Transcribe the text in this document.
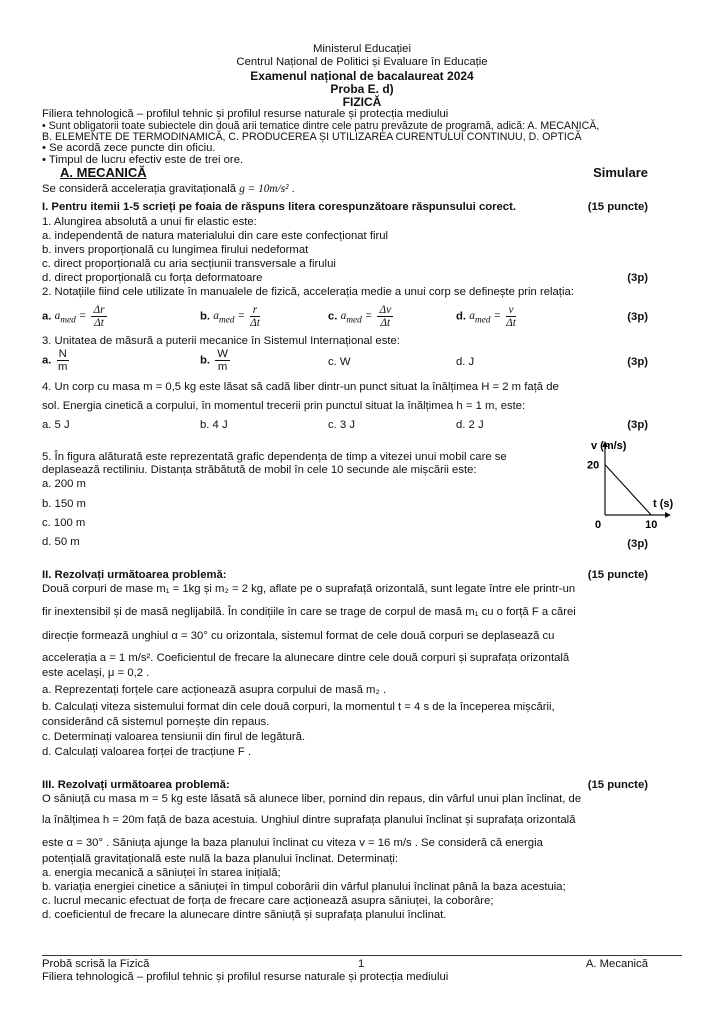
Ministerul Educației
Centrul Național de Politici și Evaluare în Educație
Examenul național de bacalaureat 2024
Proba E. d)
FIZICĂ
Filiera tehnologică – profilul tehnic și profilul resurse naturale și protecția mediului
• Sunt obligatorii toate subiectele din două arii tematice dintre cele patru prevăzute de programă, adică: A. MECANICĂ,
B. ELEMENTE DE TERMODINAMICĂ, C. PRODUCEREA ȘI UTILIZAREA CURENTULUI CONTINUU, D. OPTICĂ
• Se acordă zece puncte din oficiu.
• Timpul de lucru efectiv este de trei ore.
A. MECANICĂ	Simulare
Se consideră accelerația gravitațională g = 10m/s² .
I. Pentru itemii 1-5 scrieți pe foaia de răspuns litera corespunzătoare răspunsului corect.	(15 puncte)
1. Alungirea absolută a unui fir elastic este:
a. independentă de natura materialului din care este confecționat firul
b. invers proporțională cu lungimea firului nedeformat
c. direct proporțională cu aria secțiunii transversale a firului
d. direct proporțională cu forța deformatoare	(3p)
2. Notațiile fiind cele utilizate în manualele de fizică, accelerația medie a unui corp se definește prin relația:
a. $a_{med} = \frac{\Delta r}{\Delta t}$	b. $a_{med} = \frac{r}{\Delta t}$	c. $a_{med} = \frac{\Delta v}{\Delta t}$	d. $a_{med} = \frac{v}{\Delta t}$	(3p)
3. Unitatea de măsură a puterii mecanice în Sistemul Internațional este:
a. $\frac{N}{m}$	b. $\frac{W}{m}$	c. W	d. J	(3p)
4. Un corp cu masa m = 0,5 kg este lăsat să cadă liber dintr-un punct situat la înălțimea H = 2 m față de
sol. Energia cinetică a corpului, în momentul trecerii prin punctul situat la înălțimea h = 1 m, este:
a. 5 J	b. 4 J	c. 3 J	d. 2 J	(3p)
5. În figura alăturată este reprezentată grafic dependența de timp a vitezei unui mobil care se
deplasează rectiliniu. Distanța străbătută de mobil în cele 10 secunde ale mișcării este:
a. 200 m
b. 150 m
c. 100 m
d. 50 m	(3p)
v (m/s)
t (s)
20
0	10
II. Rezolvați următoarea problemă:	(15 puncte)
Două corpuri de mase m₁ = 1kg și m₂ = 2 kg, aflate pe o suprafață orizontală, sunt legate între ele printr-un
fir inextensibil și de masă neglijabilă. În condițiile în care se trage de corpul de masă m₁ cu o forță F a cărei
direcție formează unghiul α = 30° cu orizontala, sistemul format de cele două corpuri se deplasează cu
accelerația a = 1 m/s². Coeficientul de frecare la alunecare dintre cele două corpuri și suprafața orizontală
este același, μ = 0,2 .
a. Reprezentați forțele care acționează asupra corpului de masă m₂ .
b. Calculați viteza sistemului format din cele două corpuri, la momentul t = 4 s de la începerea mișcării,
considerând că sistemul pornește din repaus.
c. Determinați valoarea tensiunii din firul de legătură.
d. Calculați valoarea forței de tracțiune F .
III. Rezolvați următoarea problemă:	(15 puncte)
O săniuță cu masa m = 5 kg este lăsată să alunece liber, pornind din repaus, din vârful unui plan înclinat, de
la înălțimea h = 20m față de baza acestuia. Unghiul dintre suprafața planului înclinat și suprafața orizontală
este α = 30° . Săniuța ajunge la baza planului înclinat cu viteza v = 16 m/s . Se consideră că energia
potențială gravitațională este nulă la baza planului înclinat. Determinați:
a. energia mecanică a săniuței în starea inițială;
b. variația energiei cinetice a săniuței în timpul coborârii din vârful planului înclinat până la baza acestuia;
c. lucrul mecanic efectuat de forța de frecare care acționează asupra săniuței, la coborâre;
d. coeficientul de frecare la alunecare dintre săniuță și suprafața planului înclinat.
Probă scrisă la Fizică	1	A. Mecanică
Filiera tehnologică – profilul tehnic și profilul resurse naturale și protecția mediului
